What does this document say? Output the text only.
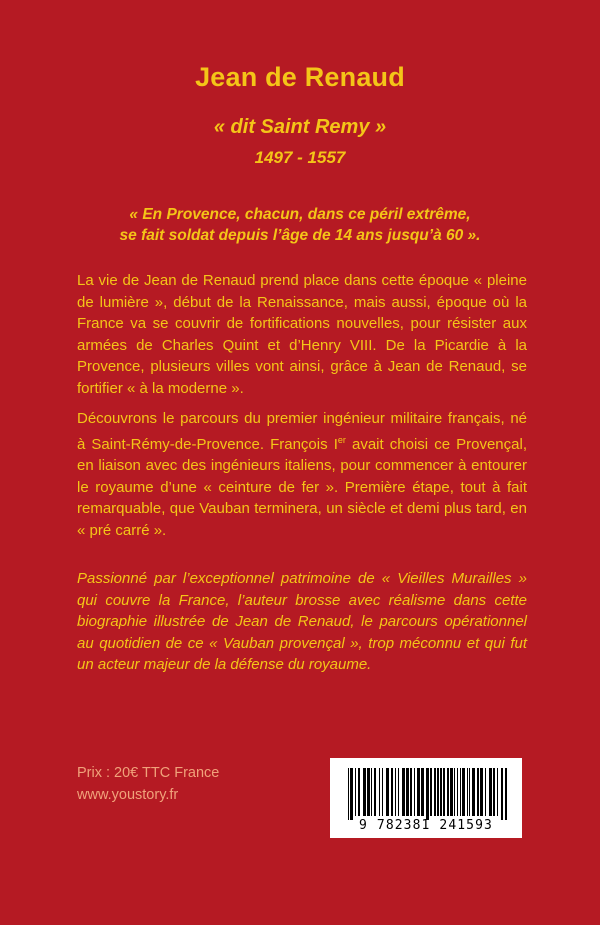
Jean de Renaud
« dit Saint Remy »
1497 - 1557
« En Provence, chacun, dans ce péril extrême,
se fait soldat depuis l’âge de 14 ans jusqu’à 60 ».

La vie de Jean de Renaud prend place dans cette époque « pleine de lumière », début de la Renaissance, mais aussi, époque où la France va se couvrir de fortifications nouvelles, pour résister aux armées de Charles Quint et d’Henry VIII. De la Picardie à la Provence, plusieurs villes vont ainsi, grâce à Jean de Renaud, se fortifier « à la moderne ».

Découvrons le parcours du premier ingénieur militaire français, né à Saint-Rémy-de-Provence. François Ier avait choisi ce Provençal, en liaison avec des ingénieurs italiens, pour commencer à entourer le royaume d’une « ceinture de fer ». Première étape, tout à fait remarquable, que Vauban terminera, un siècle et demi plus tard, en « pré carré ».

Passionné par l’exceptionnel patrimoine de « Vieilles Murailles » qui couvre la France, l’auteur brosse avec réalisme dans cette biographie illustrée de Jean de Renaud, le parcours opérationnel au quotidien de ce « Vauban provençal », trop méconnu et qui fut un acteur majeur de la défense du royaume.

Prix : 20€ TTC France
www.youstory.fr
9 782381 241593
